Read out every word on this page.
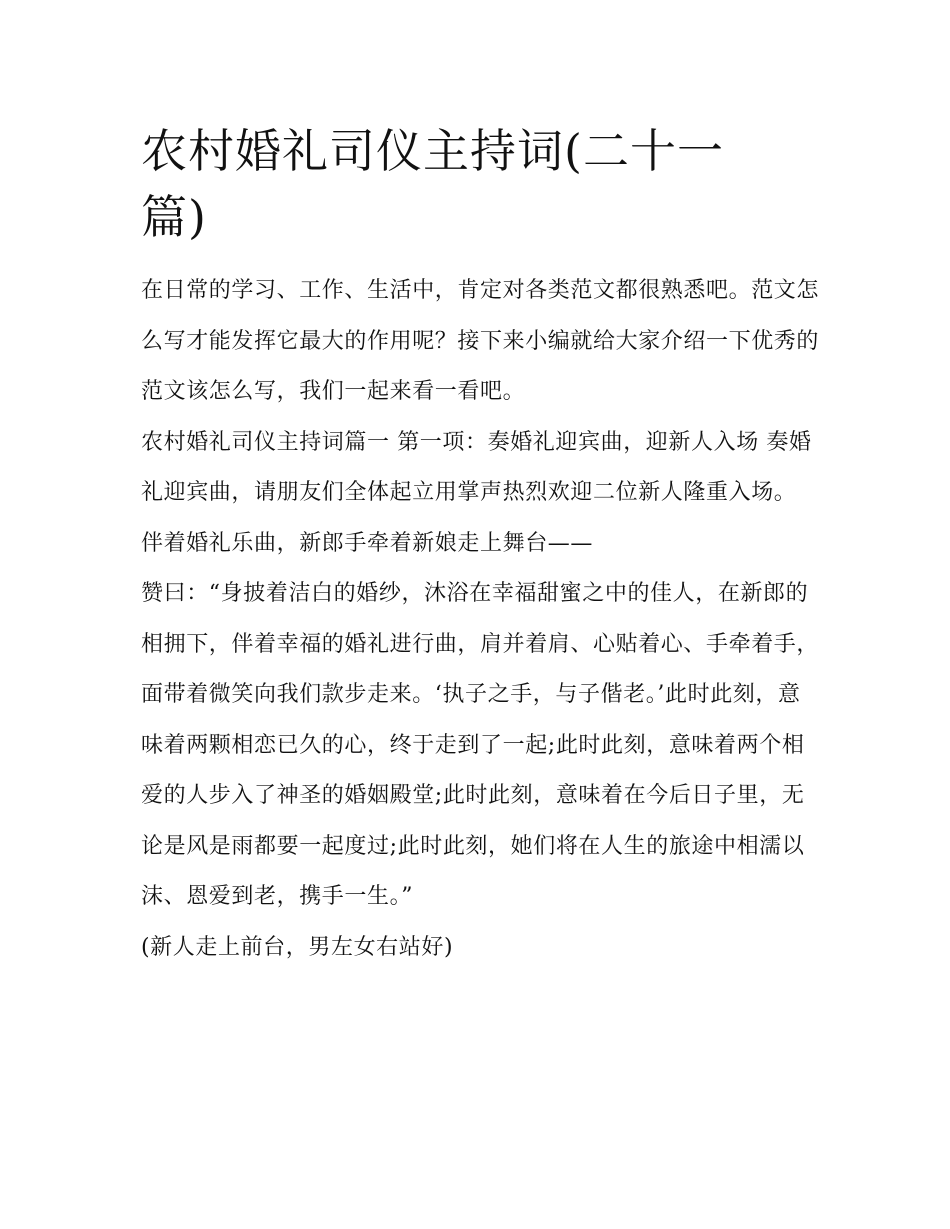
农村婚礼司仪主持词(二十一篇)

在日常的学习、工作、生活中，肯定对各类范文都很熟悉吧。范文怎么写才能发挥它最大的作用呢？接下来小编就给大家介绍一下优秀的范文该怎么写，我们一起来看一看吧。

农村婚礼司仪主持词篇一 第一项：奏婚礼迎宾曲，迎新人入场 奏婚礼迎宾曲，请朋友们全体起立用掌声热烈欢迎二位新人隆重入场。

伴着婚礼乐曲，新郎手牵着新娘走上舞台——

赞曰：“身披着洁白的婚纱，沐浴在幸福甜蜜之中的佳人，在新郎的相拥下，伴着幸福的婚礼进行曲，肩并着肩、心贴着心、手牵着手，面带着微笑向我们款步走来。‘执子之手，与子偕老。’此时此刻，意味着两颗相恋已久的心，终于走到了一起;此时此刻，意味着两个相爱的人步入了神圣的婚姻殿堂;此时此刻，意味着在今后日子里，无论是风是雨都要一起度过;此时此刻，她们将在人生的旅途中相濡以沫、恩爱到老，携手一生。”

(新人走上前台，男左女右站好)
